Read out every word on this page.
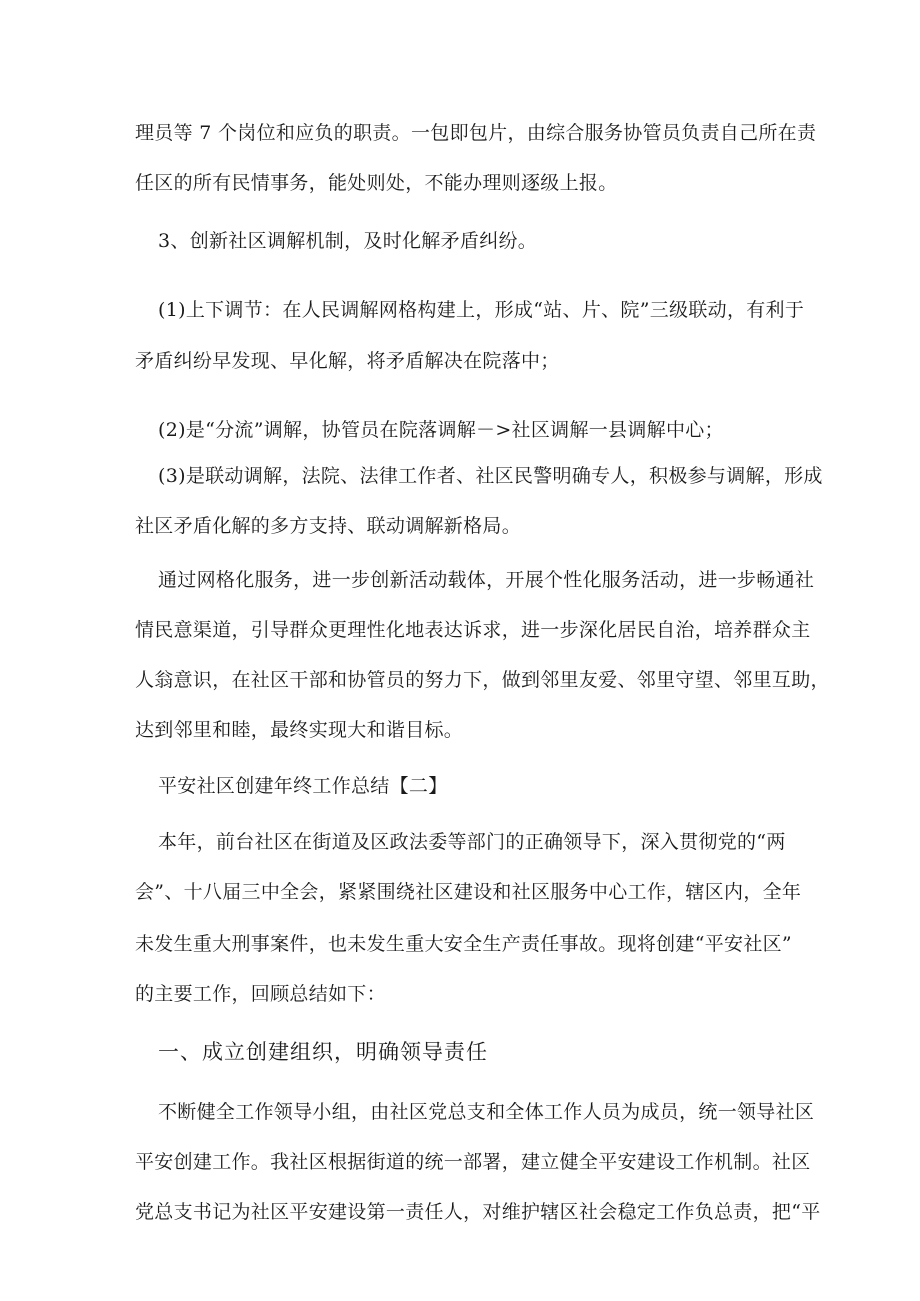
理员等 7 个岗位和应负的职责。一包即包片，由综合服务协管员负责自己所在责
任区的所有民情事务，能处则处，不能办理则逐级上报。
3、创新社区调解机制，及时化解矛盾纠纷。
(1)上下调节：在人民调解网格构建上，形成“站、片、院”三级联动，有利于
矛盾纠纷早发现、早化解，将矛盾解决在院落中；
(2)是“分流”调解，协管员在院落调解－>社区调解一县调解中心；
(3)是联动调解，法院、法律工作者、社区民警明确专人，积极参与调解，形成
社区矛盾化解的多方支持、联动调解新格局。
通过网格化服务，进一步创新活动载体，开展个性化服务活动，进一步畅通社
情民意渠道，引导群众更理性化地表达诉求，进一步深化居民自治，培养群众主
人翁意识，在社区干部和协管员的努力下，做到邻里友爱、邻里守望、邻里互助，
达到邻里和睦，最终实现大和谐目标。
平安社区创建年终工作总结【二】
本年，前台社区在街道及区政法委等部门的正确领导下，深入贯彻党的“两
会”、十八届三中全会，紧紧围绕社区建设和社区服务中心工作，辖区内，全年
未发生重大刑事案件，也未发生重大安全生产责任事故。现将创建“平安社区”
的主要工作，回顾总结如下：
一、成立创建组织，明确领导责任
不断健全工作领导小组，由社区党总支和全体工作人员为成员，统一领导社区
平安创建工作。我社区根据街道的统一部署，建立健全平安建设工作机制。社区
党总支书记为社区平安建设第一责任人，对维护辖区社会稳定工作负总责，把“平
